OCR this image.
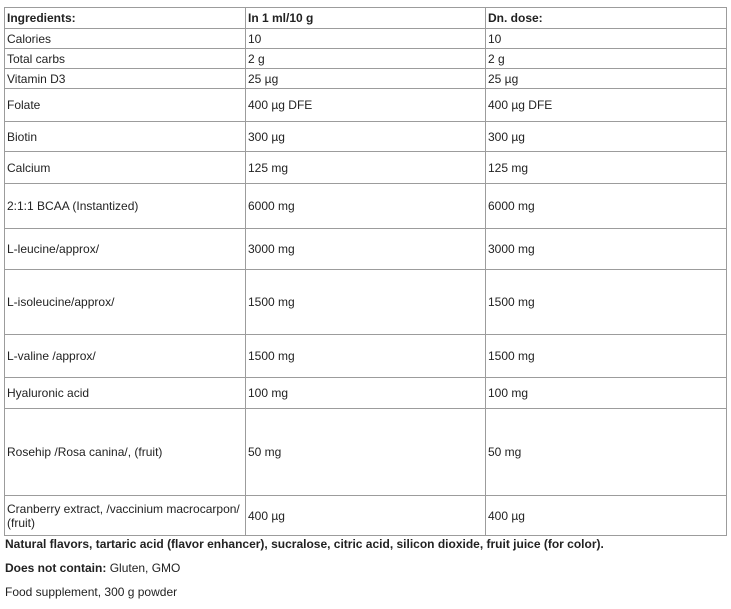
Ingredients:	In 1 ml/10 g	Dn. dose:
Calories	10	10
Total carbs	2 g	2 g
Vitamin D3	25 µg	25 µg
Folate	400 µg DFE	400 µg DFE
Biotin	300 µg	300 µg
Calcium	125 mg	125 mg
2:1:1 BCAA (Instantized)	6000 mg	6000 mg
L-leucine/approx/	3000 mg	3000 mg
L-isoleucine/approx/	1500 mg	1500 mg
L-valine /approx/	1500 mg	1500 mg
Hyaluronic acid	100 mg	100 mg
Rosehip /Rosa canina/, (fruit)	50 mg	50 mg
Cranberry extract, /vaccinium macrocarpon/ (fruit)	400 µg	400 µg

Natural flavors, tartaric acid (flavor enhancer), sucralose, citric acid, silicon dioxide, fruit juice (for color).

Does not contain: Gluten, GMO

Food supplement, 300 g powder
